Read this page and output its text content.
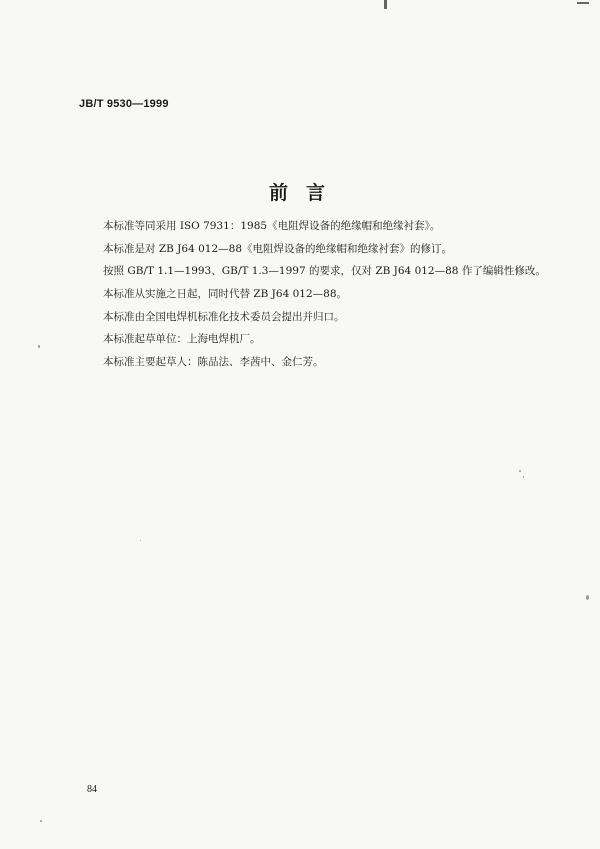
JB/T 9530—1999
前言
本标准等同采用 ISO 7931：1985《电阻焊设备的绝缘帽和绝缘衬套》。
本标准是对 ZB J64 012—88《电阻焊设备的绝缘帽和绝缘衬套》的修订。
按照 GB/T 1.1—1993、GB/T 1.3—1997 的要求，仅对 ZB J64 012—88 作了编辑性修改。
本标准从实施之日起，同时代替 ZB J64 012—88。
本标准由全国电焊机标准化技术委员会提出并归口。
本标准起草单位：上海电焊机厂。
本标准主要起草人：陈品法、李茜中、金仁芳。
84
